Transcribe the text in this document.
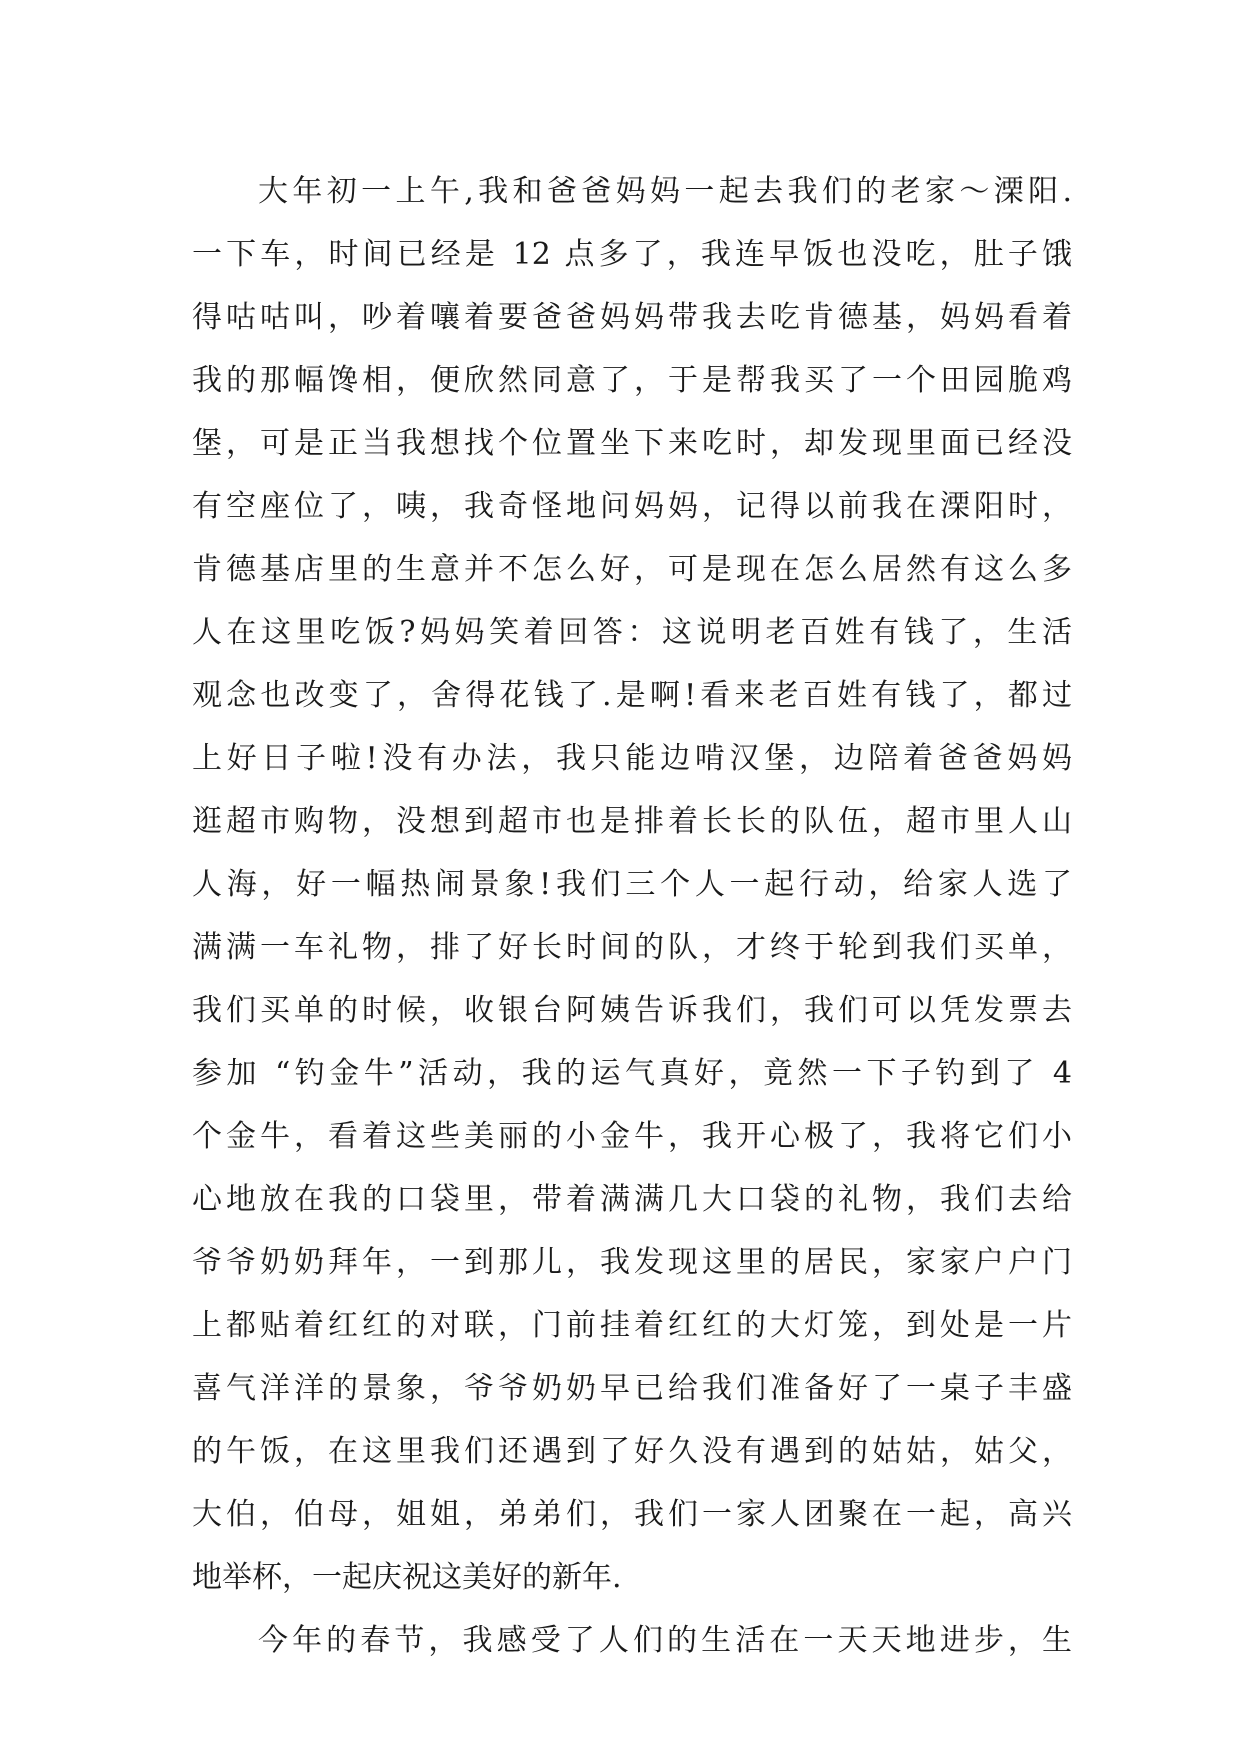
大年初一上午,我和爸爸妈妈一起去我们的老家～溧阳.
一下车，时间已经是 12 点多了，我连早饭也没吃，肚子饿
得咕咕叫，吵着嚷着要爸爸妈妈带我去吃肯德基，妈妈看着
我的那幅馋相，便欣然同意了，于是帮我买了一个田园脆鸡
堡，可是正当我想找个位置坐下来吃时，却发现里面已经没
有空座位了，咦，我奇怪地问妈妈，记得以前我在溧阳时，
肯德基店里的生意并不怎么好，可是现在怎么居然有这么多
人在这里吃饭?妈妈笑着回答：这说明老百姓有钱了，生活
观念也改变了，舍得花钱了.是啊!看来老百姓有钱了，都过
上好日子啦!没有办法，我只能边啃汉堡，边陪着爸爸妈妈
逛超市购物，没想到超市也是排着长长的队伍，超市里人山
人海，好一幅热闹景象!我们三个人一起行动，给家人选了
满满一车礼物，排了好长时间的队，才终于轮到我们买单，
我们买单的时候，收银台阿姨告诉我们，我们可以凭发票去
参加 “钓金牛”活动，我的运气真好，竟然一下子钓到了 4
个金牛，看着这些美丽的小金牛，我开心极了，我将它们小
心地放在我的口袋里，带着满满几大口袋的礼物，我们去给
爷爷奶奶拜年，一到那儿，我发现这里的居民，家家户户门
上都贴着红红的对联，门前挂着红红的大灯笼，到处是一片
喜气洋洋的景象，爷爷奶奶早已给我们准备好了一桌子丰盛
的午饭，在这里我们还遇到了好久没有遇到的姑姑，姑父，
大伯，伯母，姐姐，弟弟们，我们一家人团聚在一起，高兴
地举杯，一起庆祝这美好的新年.
今年的春节，我感受了人们的生活在一天天地进步，生
